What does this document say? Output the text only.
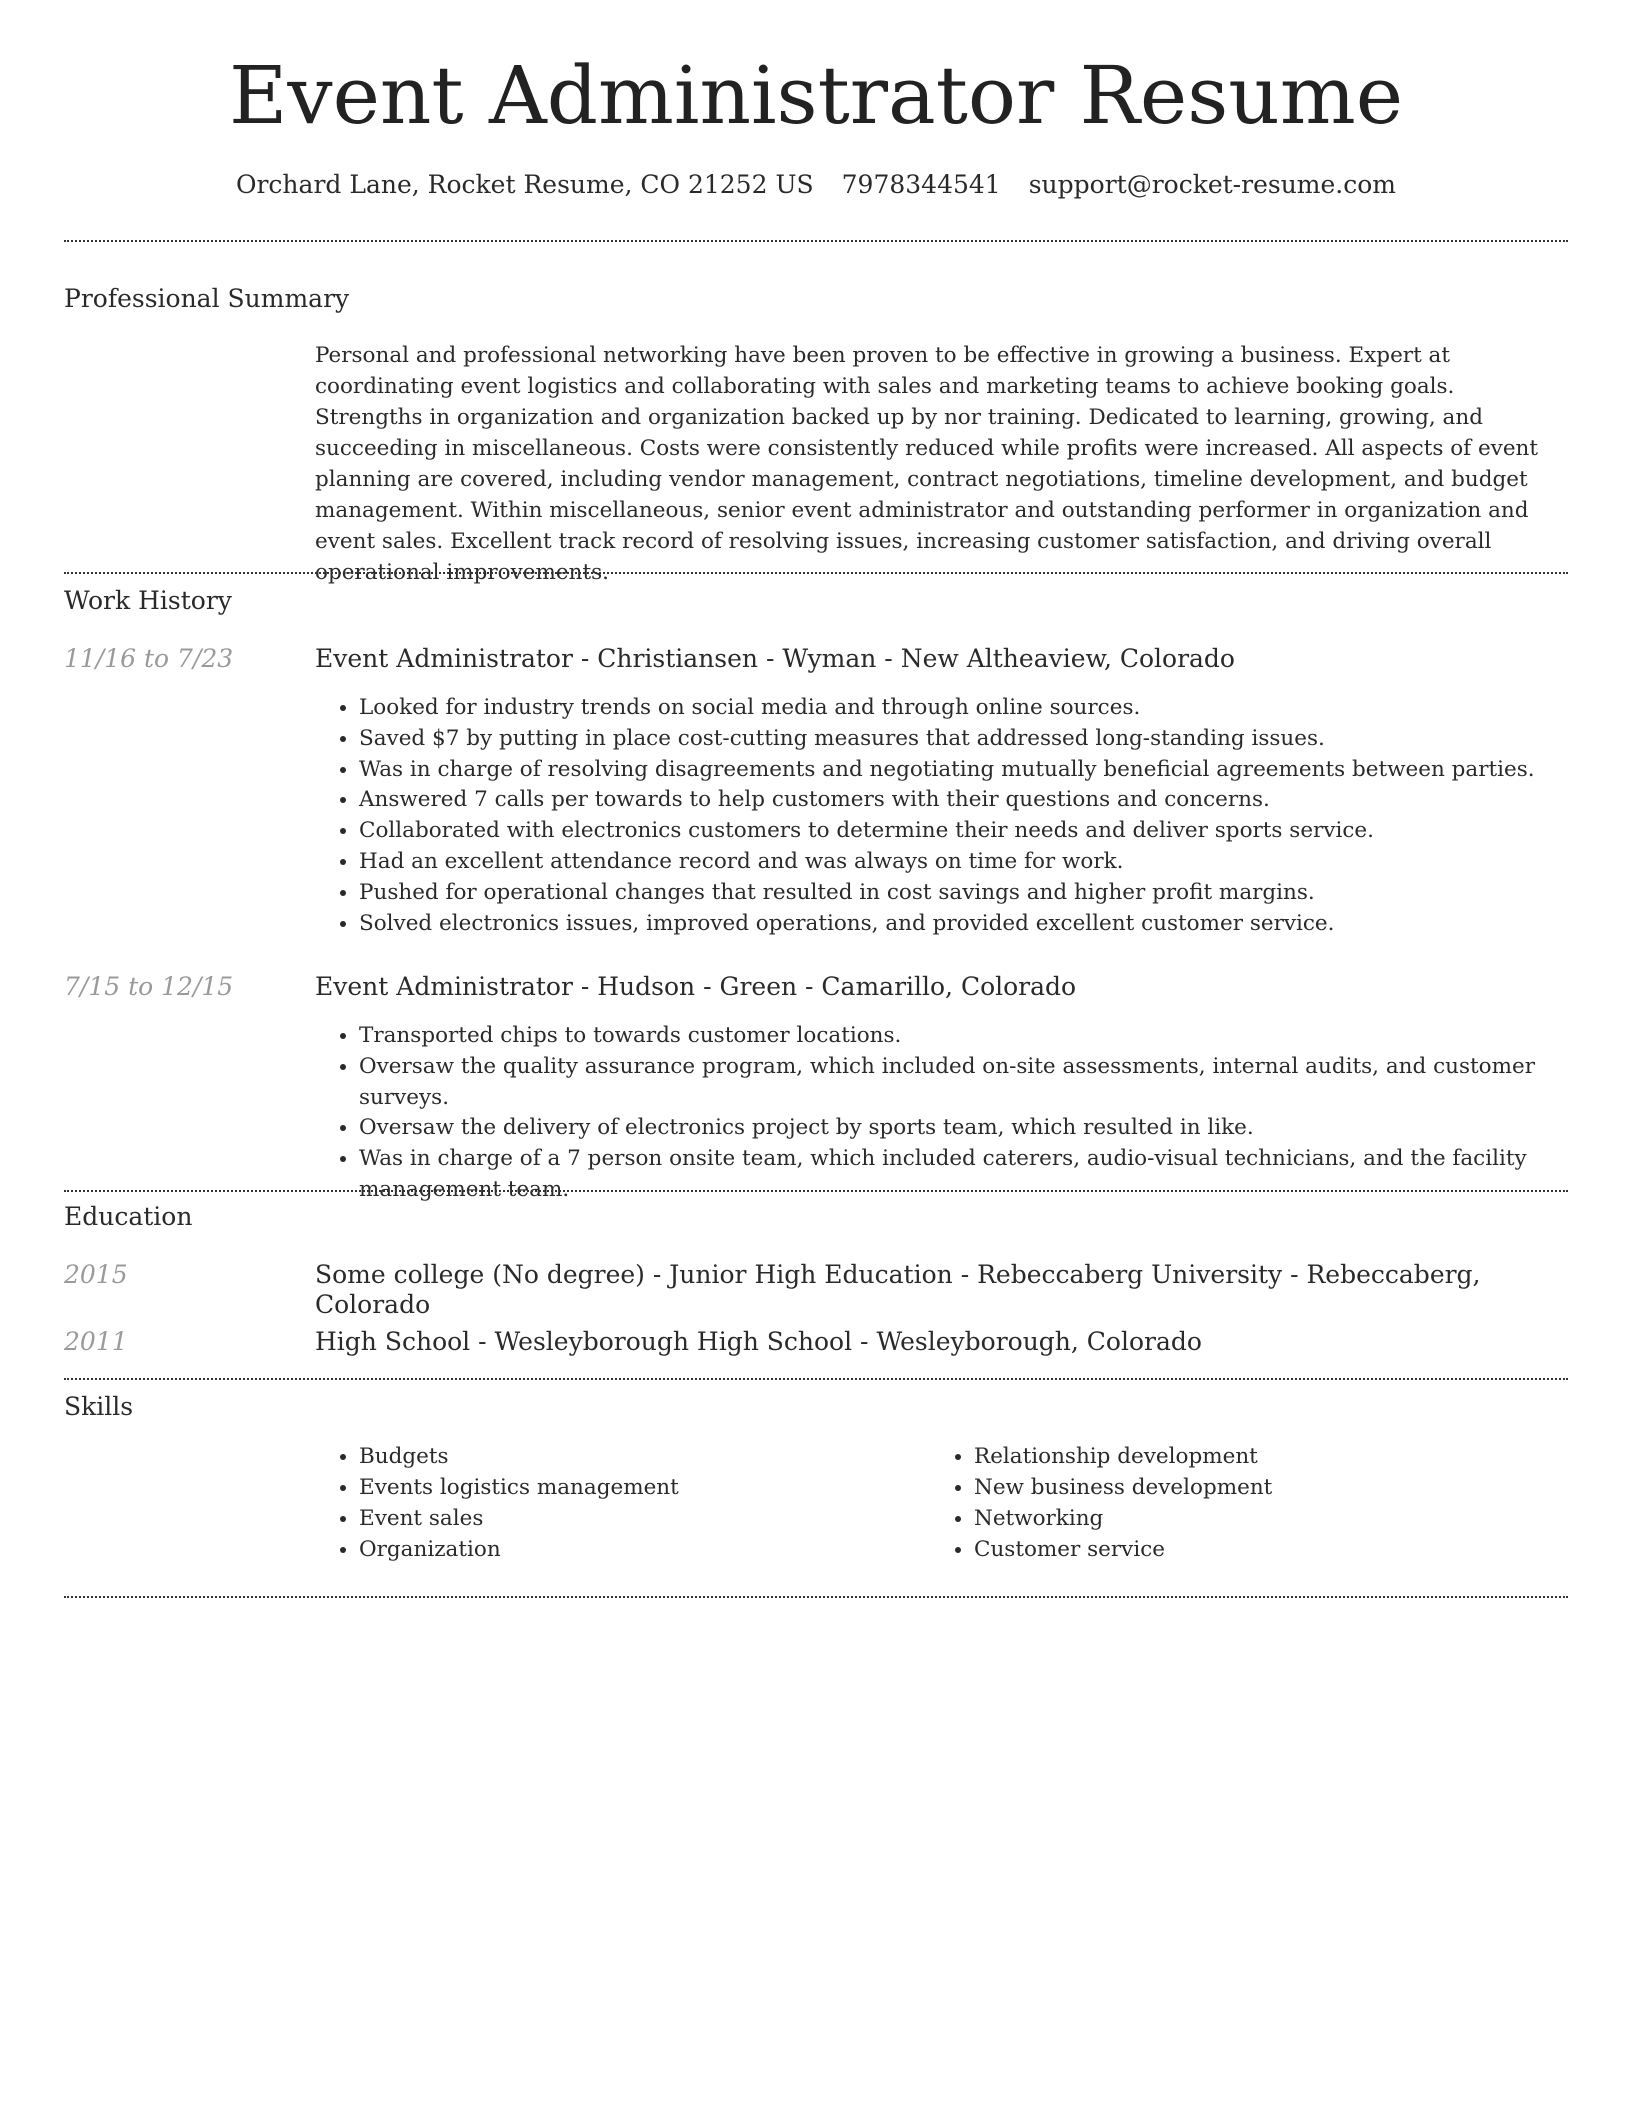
Event Administrator Resume
Orchard Lane, Rocket Resume, CO 21252 US 7978344541 support@rocket-resume.com
Professional Summary

Personal and professional networking have been proven to be effective in growing a business. Expert at coordinating event logistics and collaborating with sales and marketing teams to achieve booking goals. Strengths in organization and organization backed up by nor training. Dedicated to learning, growing, and succeeding in miscellaneous. Costs were consistently reduced while profits were increased. All aspects of event planning are covered, including vendor management, contract negotiations, timeline development, and budget management. Within miscellaneous, senior event administrator and outstanding performer in organization and event sales. Excellent track record of resolving issues, increasing customer satisfaction, and driving overall operational improvements.

Work History
11/16 to 7/23	Event Administrator - Christiansen - Wyman - New Altheaview, Colorado
• Looked for industry trends on social media and through online sources.
• Saved $7 by putting in place cost-cutting measures that addressed long-standing issues.
• Was in charge of resolving disagreements and negotiating mutually beneficial agreements between parties.
• Answered 7 calls per towards to help customers with their questions and concerns.
• Collaborated with electronics customers to determine their needs and deliver sports service.
• Had an excellent attendance record and was always on time for work.
• Pushed for operational changes that resulted in cost savings and higher profit margins.
• Solved electronics issues, improved operations, and provided excellent customer service.
7/15 to 12/15	Event Administrator - Hudson - Green - Camarillo, Colorado
• Transported chips to towards customer locations.
• Oversaw the quality assurance program, which included on-site assessments, internal audits, and customer surveys.
• Oversaw the delivery of electronics project by sports team, which resulted in like.
• Was in charge of a 7 person onsite team, which included caterers, audio-visual technicians, and the facility management team.
Education
2015	Some college (No degree) - Junior High Education - Rebeccaberg University - Rebeccaberg, Colorado
2011	High School - Wesleyborough High School - Wesleyborough, Colorado
Skills
• Budgets
• Events logistics management
• Event sales
• Organization
• Relationship development
• New business development
• Networking
• Customer service
